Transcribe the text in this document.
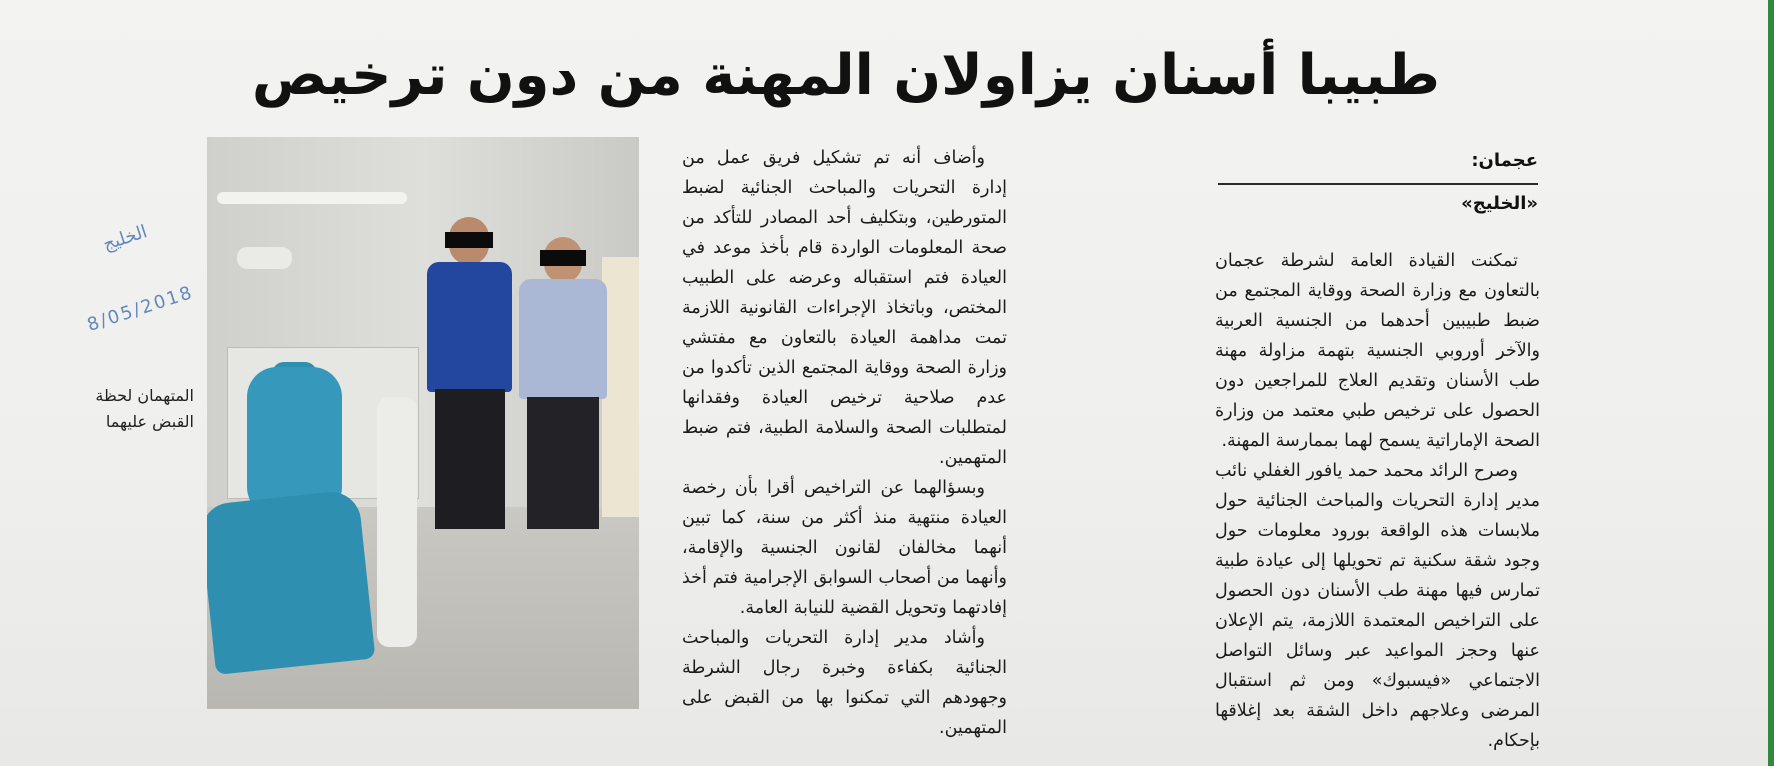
طبيبا أسنان يزاولان المهنة من دون ترخيص
عجمان:
«الخليج»

تمكنت القيادة العامة لشرطة عجمان بالتعاون مع وزارة الصحة ووقاية المجتمع من ضبط طبيبين أحدهما من الجنسية العربية والآخر أوروبي الجنسية بتهمة مزاولة مهنة طب الأسنان وتقديم العلاج للمراجعين دون الحصول على ترخيص طبي معتمد من وزارة الصحة الإماراتية يسمح لهما بممارسة المهنة.

وصرح الرائد محمد حمد يافور الغفلي نائب مدير إدارة التحريات والمباحث الجنائية حول ملابسات هذه الواقعة بورود معلومات حول وجود شقة سكنية تم تحويلها إلى عيادة طبية تمارس فيها مهنة طب الأسنان دون الحصول على التراخيص المعتمدة اللازمة، يتم الإعلان عنها وحجز المواعيد عبر وسائل التواصل الاجتماعي «فيسبوك» ومن ثم استقبال المرضى وعلاجهم داخل الشقة بعد إغلاقها بإحكام.

وأضاف أنه تم تشكيل فريق عمل من إدارة التحريات والمباحث الجنائية لضبط المتورطين، وبتكليف أحد المصادر للتأكد من صحة المعلومات الواردة قام بأخذ موعد في العيادة فتم استقباله وعرضه على الطبيب المختص، وباتخاذ الإجراءات القانونية اللازمة تمت مداهمة العيادة بالتعاون مع مفتشي وزارة الصحة ووقاية المجتمع الذين تأكدوا من عدم صلاحية ترخيص العيادة وفقدانها لمتطلبات الصحة والسلامة الطبية، فتم ضبط المتهمين.

وبسؤالهما عن التراخيص أقرا بأن رخصة العيادة منتهية منذ أكثر من سنة، كما تبين أنهما مخالفان لقانون الجنسية والإقامة، وأنهما من أصحاب السوابق الإجرامية فتم أخذ إفادتهما وتحويل القضية للنيابة العامة.

وأشاد مدير إدارة التحريات والمباحث الجنائية بكفاءة وخبرة رجال الشرطة وجهودهم التي تمكنوا بها من القبض على المتهمين.

المتهمان لحظة القبض عليهما
الخليج
8/05/2018
